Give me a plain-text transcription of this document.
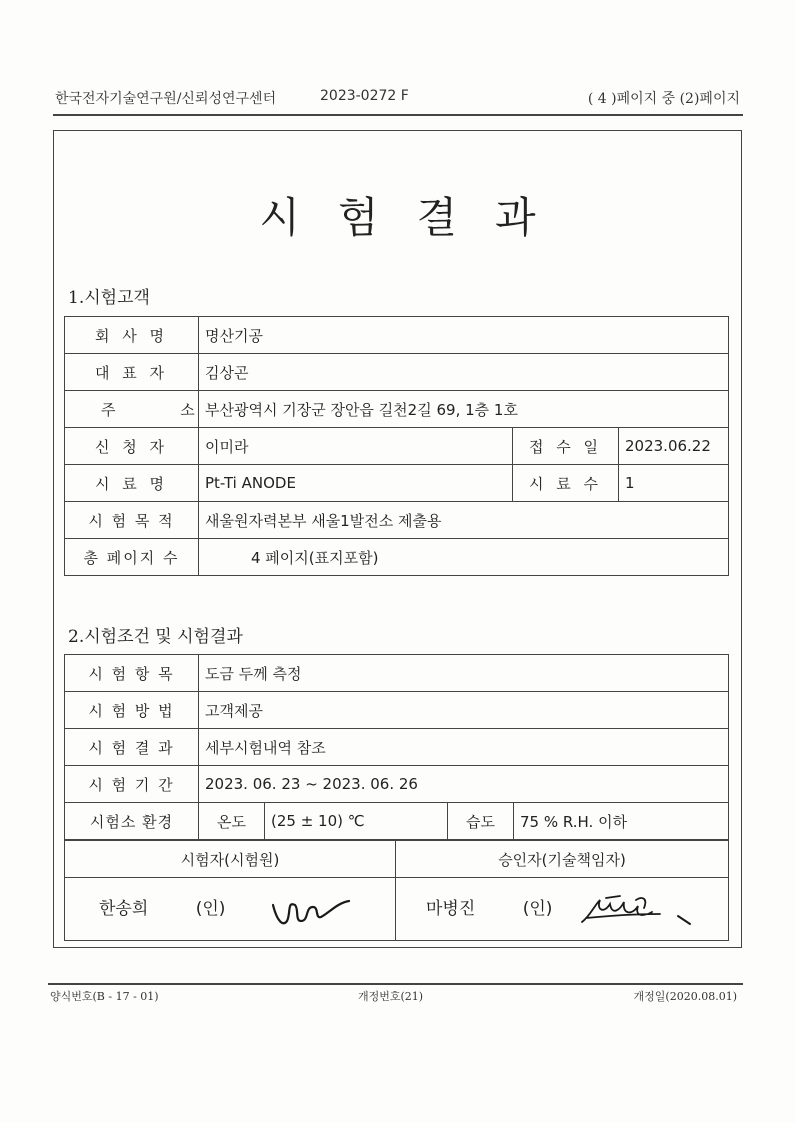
한국전자기술연구원/신뢰성연구센터	2023-0272 F	( 4 )페이지 중 (2)페이지
시험결과
1.시험고객
회 사 명	명산기공		
대 표 자	김상곤		
주 소	부산광역시 기장군 장안읍 길천2길 69, 1층 1호		
신 청 자	이미라	접 수 일	2023.06.22
시 료 명	Pt-Ti ANODE	시 료 수	1
시 험 목 적	새울원자력본부 새울1발전소 제출용		
총 페이지 수	4 페이지(표지포함)		
2.시험조건 및 시험결과
시 험 항 목	도금 두께 측정			
시 험 방 법	고객제공			
시 험 결 과	세부시험내역 참조			
시 험 기 간	2023. 06. 23 ~ 2023. 06. 26			
시험소 환경	온도	(25 ± 10) ℃	습도	75 % R.H. 이하
시험자(시험원)	승인자(기술책임자)
한송희 (인)	마병진 (인)
양식번호(B - 17 - 01)	개정번호(21)	개정일(2020.08.01)
